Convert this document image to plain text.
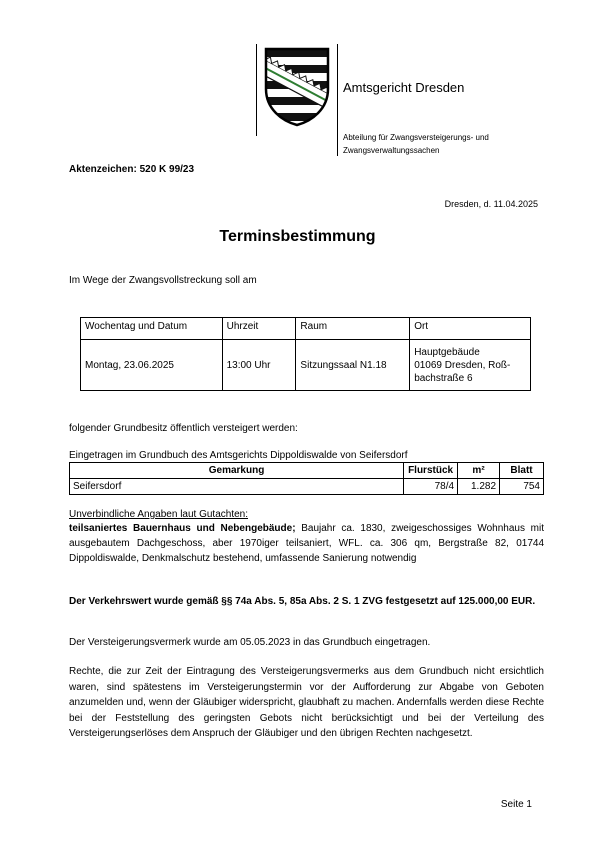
Amtsgericht Dresden
Abteilung für Zwangsversteigerungs- und Zwangsverwaltungssachen
Aktenzeichen: 520 K 99/23
Dresden, d. 11.04.2025
Terminsbestimmung
Im Wege der Zwangsvollstreckung soll am
Wochentag und Datum	Uhrzeit	Raum	Ort
Montag, 23.06.2025	13:00 Uhr	Sitzungssaal N1.18	Hauptgebäude
01069 Dresden, Roß-
bachstraße 6
folgender Grundbesitz öffentlich versteigert werden:
Eingetragen im Grundbuch des Amtsgerichts Dippoldiswalde von Seifersdorf
Gemarkung	Flurstück	m²	Blatt
Seifersdorf	78/4	1.282	754
Unverbindliche Angaben laut Gutachten:
teilsaniertes Bauernhaus und Nebengebäude; Baujahr ca. 1830, zweigeschossiges Wohnhaus mit ausgebautem Dachgeschoss, aber 1970iger teilsaniert, WFL. ca. 306 qm, Bergstraße 82, 01744 Dippoldiswalde, Denkmalschutz bestehend, umfassende Sanierung notwendig
Der Verkehrswert wurde gemäß §§ 74a Abs. 5, 85a Abs. 2 S. 1 ZVG festgesetzt auf 125.000,00 EUR.
Der Versteigerungsvermerk wurde am 05.05.2023 in das Grundbuch eingetragen.
Rechte, die zur Zeit der Eintragung des Versteigerungsvermerks aus dem Grundbuch nicht ersichtlich waren, sind spätestens im Versteigerungstermin vor der Aufforderung zur Abgabe von Geboten anzumelden und, wenn der Gläubiger widerspricht, glaubhaft zu machen. Andernfalls werden diese Rechte bei der Feststellung des geringsten Gebots nicht berücksichtigt und bei der Verteilung des Versteigerungserlöses dem Anspruch der Gläubiger und den übrigen Rechten nachgesetzt.
Seite 1
